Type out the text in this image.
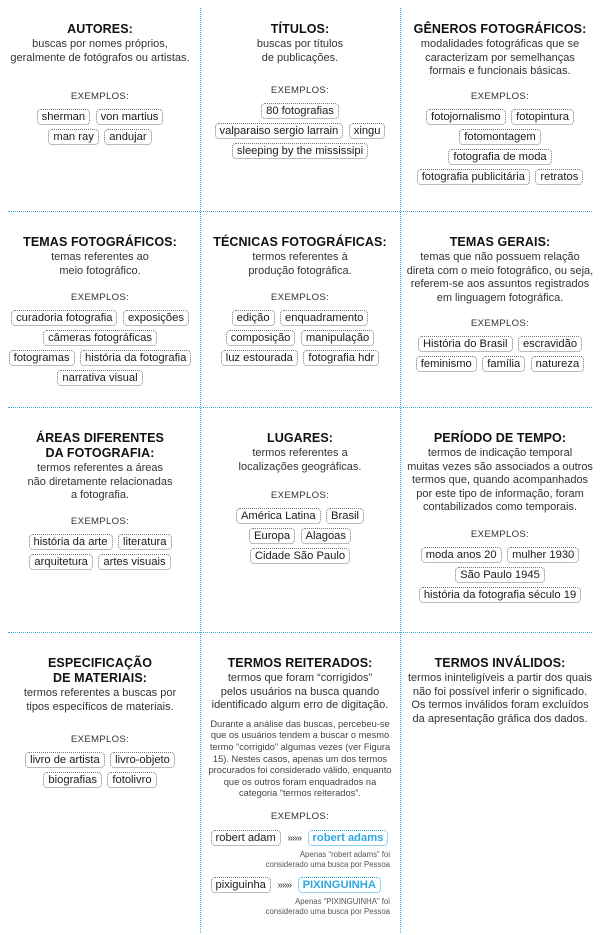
AUTORES:
buscas por nomes próprios,
geralmente de fotógrafos ou artistas.
EXEMPLOS:
sherman von martius
man ray andujar
TÍTULOS:
buscas por títulos
de publicações.
EXEMPLOS:
80 fotografias
valparaiso sergio larrain xingu
sleeping by the mississipi
GÊNEROS FOTOGRÁFICOS:
modalidades fotográficas que se
caracterizam por semelhanças
formais e funcionais básicas.
EXEMPLOS:
fotojornalismo fotopintura
fotomontagem
fotografia de moda
fotografia publicitária retratos
TEMAS FOTOGRÁFICOS:
temas referentes ao
meio fotográfico.
EXEMPLOS:
curadoria fotografia exposições
câmeras fotográficas
fotogramas história da fotografia
narrativa visual
TÉCNICAS FOTOGRÁFICAS:
termos referentes à
produção fotográfica.
EXEMPLOS:
edição enquadramento
composição manipulação
luz estourada fotografia hdr
TEMAS GERAIS:
temas que não possuem relação
direta com o meio fotográfico, ou seja,
referem-se aos assuntos registrados
em linguagem fotográfica.
EXEMPLOS:
História do Brasil escravidão
feminismo família natureza
ÁREAS DIFERENTES
DA FOTOGRAFIA:
termos referentes a áreas
não diretamente relacionadas
a fotografia.
EXEMPLOS:
história da arte literatura
arquitetura artes visuais
LUGARES:
termos referentes a
localizações geográficas.
EXEMPLOS:
América Latina Brasil
Europa Alagoas
Cidade São Paulo
PERÍODO DE TEMPO:
termos de indicação temporal
muitas vezes são associados a outros
termos que, quando acompanhados
por este tipo de informação, foram
contabilizados como temporais.
EXEMPLOS:
moda anos 20 mulher 1930
São Paulo 1945
história da fotografia século 19
ESPECIFICAÇÃO
DE MATERIAIS:
termos referentes a buscas por
tipos específicos de materiais.
EXEMPLOS:
livro de artista livro-objeto
biografias fotolivro
TERMOS REITERADOS:
termos que foram “corrigidos”
pelos usuários na busca quando
identificado algum erro de digitação.
Durante a análise das buscas, percebeu-se
que os usuários tendem a buscar o mesmo
termo “corrigido” algumas vezes (ver Figura
15). Nestes casos, apenas um dos termos
procurados foi considerado válido, enquanto
que os outros foram enquadrados na
categoria “termos reiterados”.
EXEMPLOS:
robert adam	»»»	robert adams
Apenas “robert adams” foi
considerado uma busca por Pessoa
pixiguinha	»»»	PIXINGUINHA
Apenas “PIXINGUINHA” foi
considerado uma busca por Pessoa
TERMOS INVÁLIDOS:
termos ininteligíveis a partir dos quais
não foi possível inferir o significado.
Os termos inválidos foram excluídos
da apresentação gráfica dos dados.
